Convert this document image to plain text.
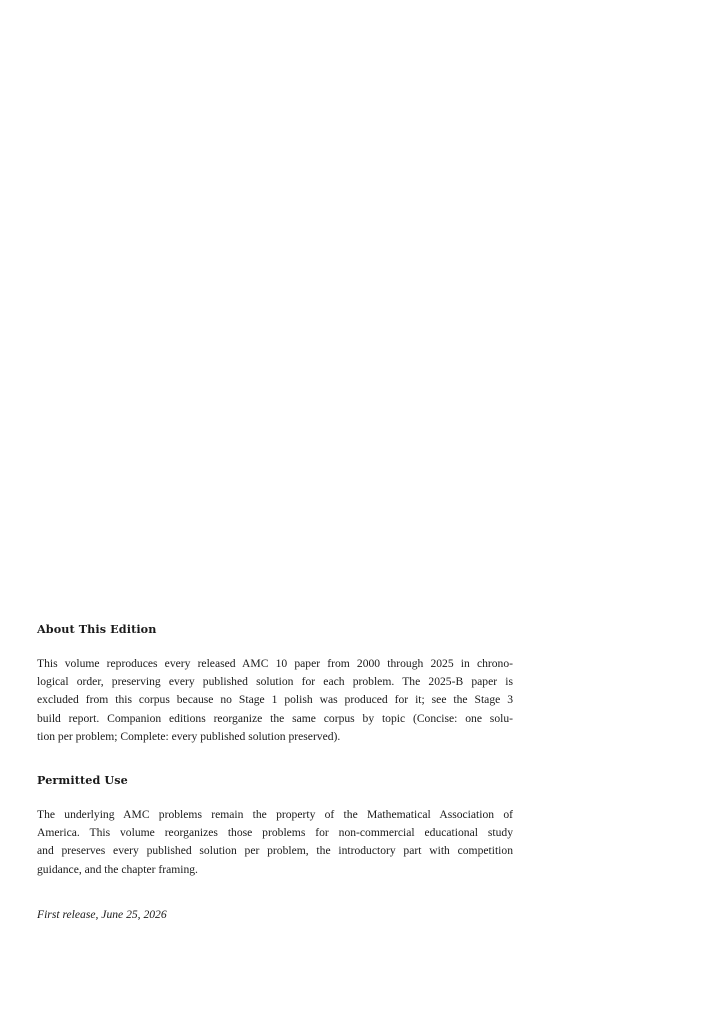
About This Edition

This volume reproduces every released AMC 10 paper from 2000 through 2025 in chrono-
logical order, preserving every published solution for each problem. The 2025-B paper is
excluded from this corpus because no Stage 1 polish was produced for it; see the Stage 3
build report. Companion editions reorganize the same corpus by topic (Concise: one solu-
tion per problem; Complete: every published solution preserved).

Permitted Use

The underlying AMC problems remain the property of the Mathematical Association of
America. This volume reorganizes those problems for non-commercial educational study
and preserves every published solution per problem, the introductory part with competition
guidance, and the chapter framing.

First release, June 25, 2026
